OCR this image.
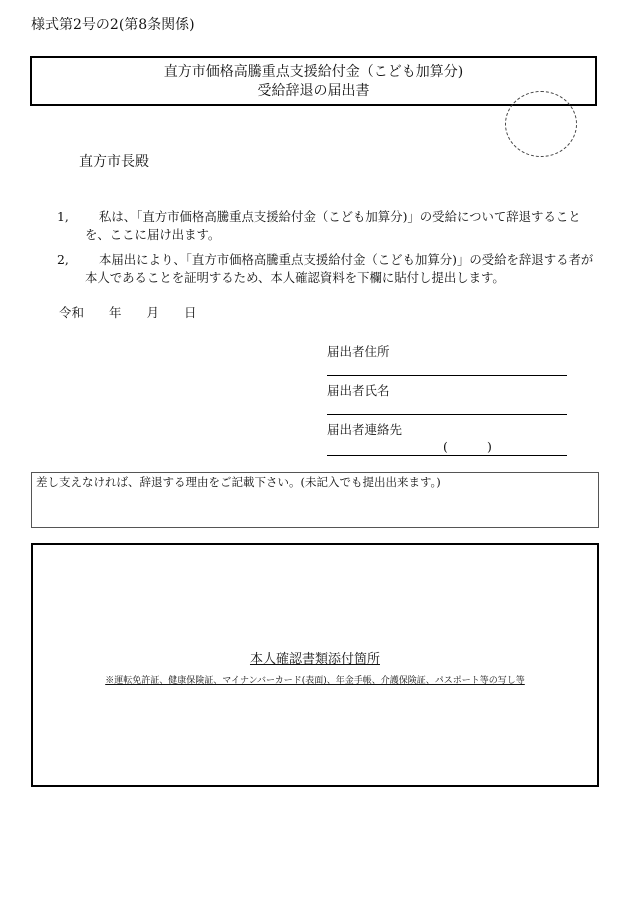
様式第2号の2(第8条関係)
直方市価格高騰重点支援給付金（こども加算分)
受給辞退の届出書
直方市長殿
1,	私は、「直方市価格高騰重点支援給付金（こども加算分)」の受給について辞退することを、ここに届け出ます。
2,	本届出により、「直方市価格高騰重点支援給付金（こども加算分)」の受給を辞退する者が本人であることを証明するため、本人確認資料を下欄に貼付し提出します。
令和　　年　　月　　日
届出者住所
届出者氏名
届出者連絡先
(	)
差し支えなければ、辞退する理由をご記載下さい。(未記入でも提出出来ます。)
本人確認書類添付箇所
※運転免許証、健康保険証、マイナンバーカード(表面)、年金手帳、介護保険証、パスポート等の写し等
